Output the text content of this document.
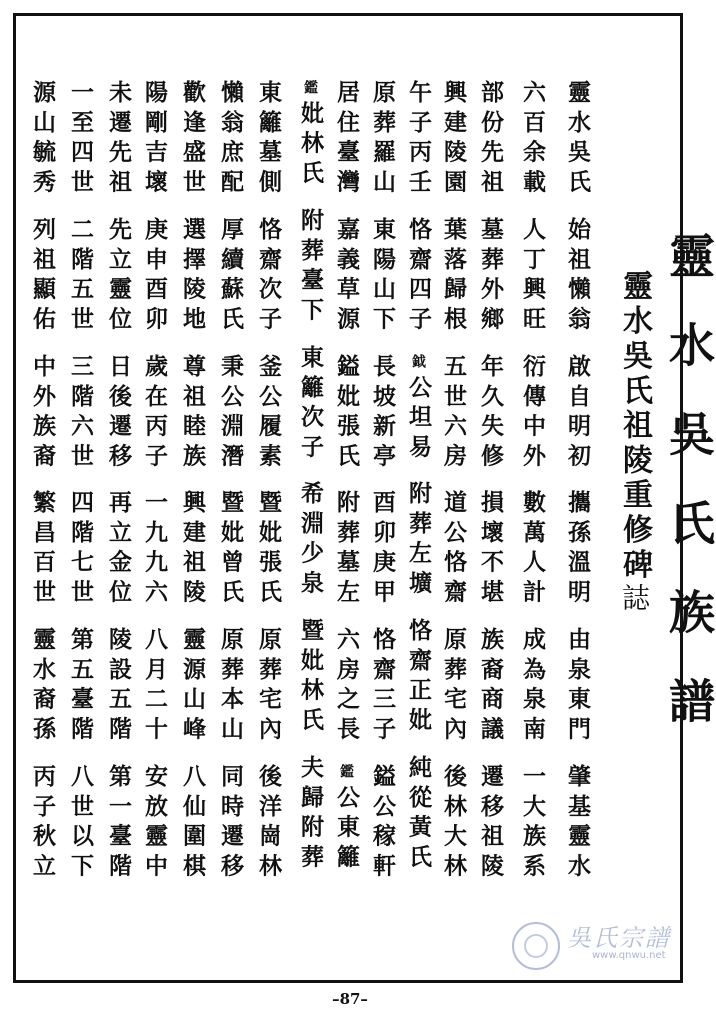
靈水吳氏族譜
靈水吳氏祖陵重修碑
誌
靈水吳氏
始祖懶翁
啟自明初
攜孫溫明
由泉東門
肇基靈水
六百余載
人丁興旺
衍傳中外
數萬人計
成為泉南
一大族系
部份先祖
墓葬外鄉
年久失修
損壞不堪
族裔商議
遷移祖陵
興建陵園
葉落歸根
五世六房
道公恪齋
原葬宅內
後林大林
午子丙壬
恪齋四子
鉞公坦易
附葬左壙
恪齋正妣
純從黃氏
原葬羅山
東陽山下
長坡新亭
酉卯庚甲
恪齋三子
鎰公稼軒
居住臺灣
嘉義草源
鎰妣張氏
附葬墓左
六房之長
鑑公東籬
鑑妣林氏
附葬臺下
東籬次子
希淵少泉
暨妣林氏
夫歸附葬
東籬墓側
恪齋次子
釜公履素
暨妣張氏
原葬宅內
後洋崗林
懶翁庶配
厚續蘇氏
秉公淵潛
暨妣曾氏
原葬本山
同時遷移
歡逢盛世
選擇陵地
尊祖睦族
興建祖陵
靈源山峰
八仙圍棋
陽剛吉壞
庚申酉卯
歲在丙子
一九九六
八月二十
安放靈中
未遷先祖
先立靈位
日後遷移
再立金位
陵設五階
第一臺階
一至四世
二階五世
三階六世
四階七世
第五臺階
八世以下
源山毓秀
列祖顯佑
中外族裔
繁昌百世
靈水裔孫
丙子秋立
–87–
吳氏宗譜
www.qnwu.net
